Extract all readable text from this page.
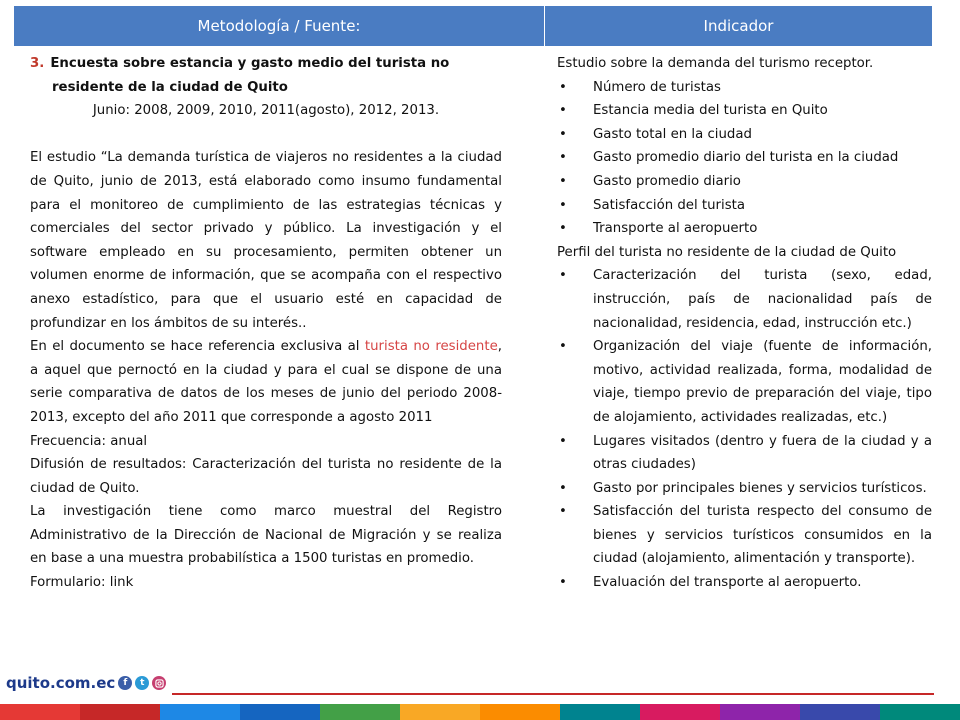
Metodología / Fuente:	Indicador

3. Encuesta sobre estancia y gasto medio del turista no

residente de la ciudad de Quito

Junio: 2008, 2009, 2010, 2011(agosto), 2012, 2013.

El estudio “La demanda turística de viajeros no residentes a la ciudad de Quito, junio de 2013, está elaborado como insumo fundamental para el monitoreo de cumplimiento de las estrategias técnicas y comerciales del sector privado y público. La investigación y el software empleado en su procesamiento, permiten obtener un volumen enorme de información, que se acompaña con el respectivo anexo estadístico, para que el usuario esté en capacidad de profundizar en los ámbitos de su interés..

En el documento se hace referencia exclusiva al turista no residente, a aquel que pernoctó en la ciudad y para el cual se dispone de una serie comparativa de datos de los meses de junio del periodo 2008-2013, excepto del año 2011 que corresponde a agosto 2011

Frecuencia: anual

Difusión de resultados: Caracterización del turista no residente de la ciudad de Quito.

La investigación tiene como marco muestral del Registro Administrativo de la Dirección de Nacional de Migración y se realiza en base a una muestra probabilística a 1500 turistas en promedio.

Formulario: link

Estudio sobre la demanda del turismo receptor.

• Número de turistas
• Estancia media del turista en Quito
• Gasto total en la ciudad
• Gasto promedio diario del turista en la ciudad
• Gasto promedio diario
• Satisfacción del turista
• Transporte al aeropuerto

Perfil del turista no residente de la ciudad de Quito

• Caracterización del turista (sexo, edad, instrucción, país de nacionalidad país de nacionalidad, residencia, edad, instrucción etc.)
• Organización del viaje (fuente de información, motivo, actividad realizada, forma, modalidad de viaje, tiempo previo de preparación del viaje, tipo de alojamiento, actividades realizadas, etc.)
• Lugares visitados (dentro y fuera de la ciudad y a otras ciudades)
• Gasto por principales bienes y servicios turísticos.
• Satisfacción del turista respecto del consumo de bienes y servicios turísticos consumidos en la ciudad (alojamiento, alimentación y transporte).
• Evaluación del transporte al aeropuerto.
quito.com.ec f	t
